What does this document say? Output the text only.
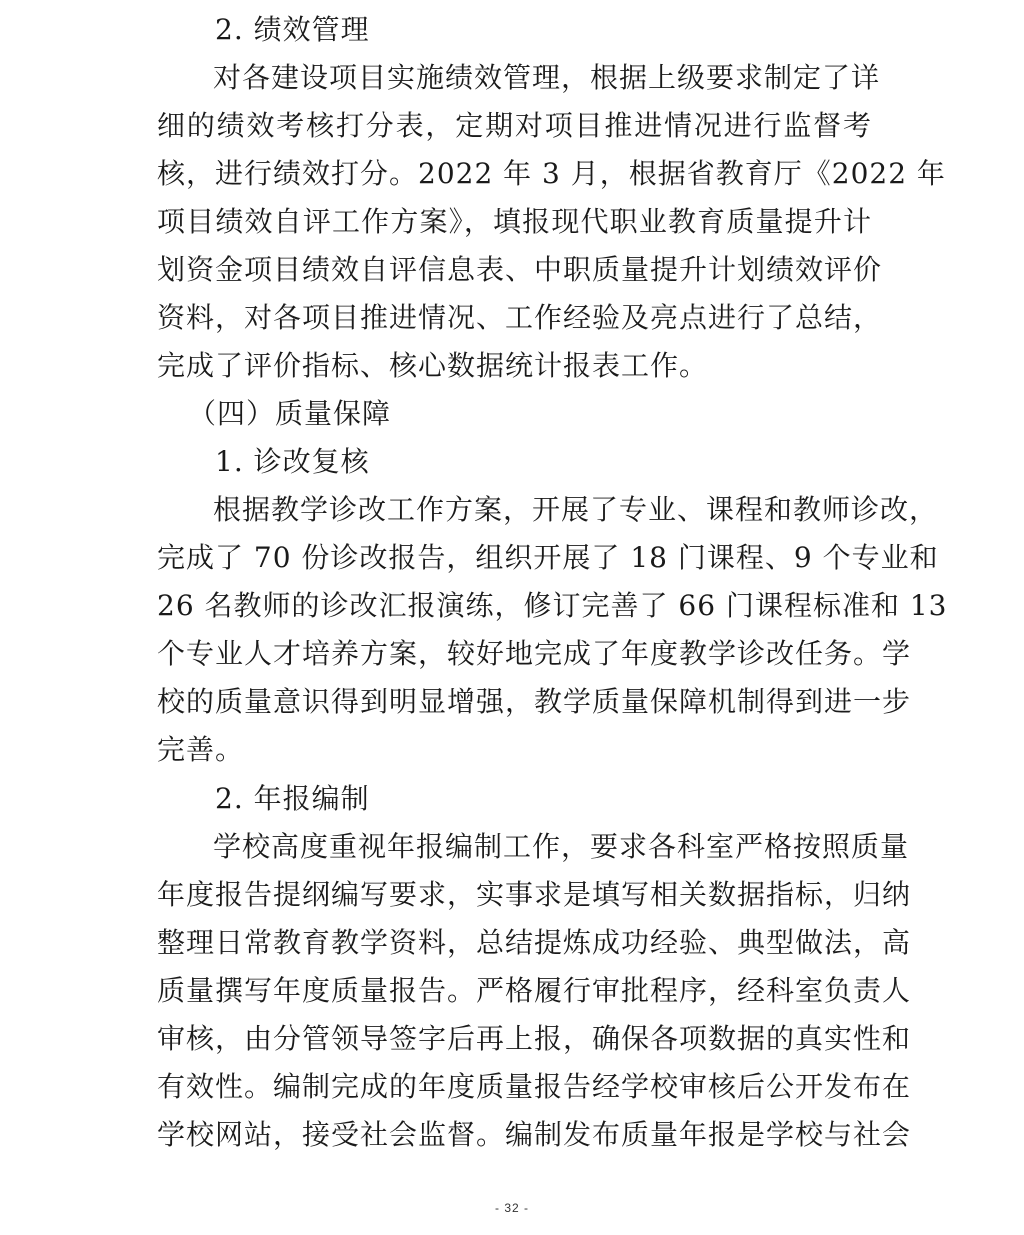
2. 绩效管理
对各建设项目实施绩效管理，根据上级要求制定了详
细的绩效考核打分表，定期对项目推进情况进行监督考
核，进行绩效打分。2022 年 3 月，根据省教育厅《2022 年
项目绩效自评工作方案》，填报现代职业教育质量提升计
划资金项目绩效自评信息表、中职质量提升计划绩效评价
资料，对各项目推进情况、工作经验及亮点进行了总结，
完成了评价指标、核心数据统计报表工作。
（四）质量保障
1. 诊改复核
根据教学诊改工作方案，开展了专业、课程和教师诊改，
完成了 70 份诊改报告，组织开展了 18 门课程、9 个专业和
26 名教师的诊改汇报演练，修订完善了 66 门课程标准和 13
个专业人才培养方案，较好地完成了年度教学诊改任务。学
校的质量意识得到明显增强，教学质量保障机制得到进一步
完善。
2. 年报编制
学校高度重视年报编制工作，要求各科室严格按照质量
年度报告提纲编写要求，实事求是填写相关数据指标，归纳
整理日常教育教学资料，总结提炼成功经验、典型做法，高
质量撰写年度质量报告。严格履行审批程序，经科室负责人
审核，由分管领导签字后再上报，确保各项数据的真实性和
有效性。编制完成的年度质量报告经学校审核后公开发布在
学校网站，接受社会监督。编制发布质量年报是学校与社会
- 32 -
